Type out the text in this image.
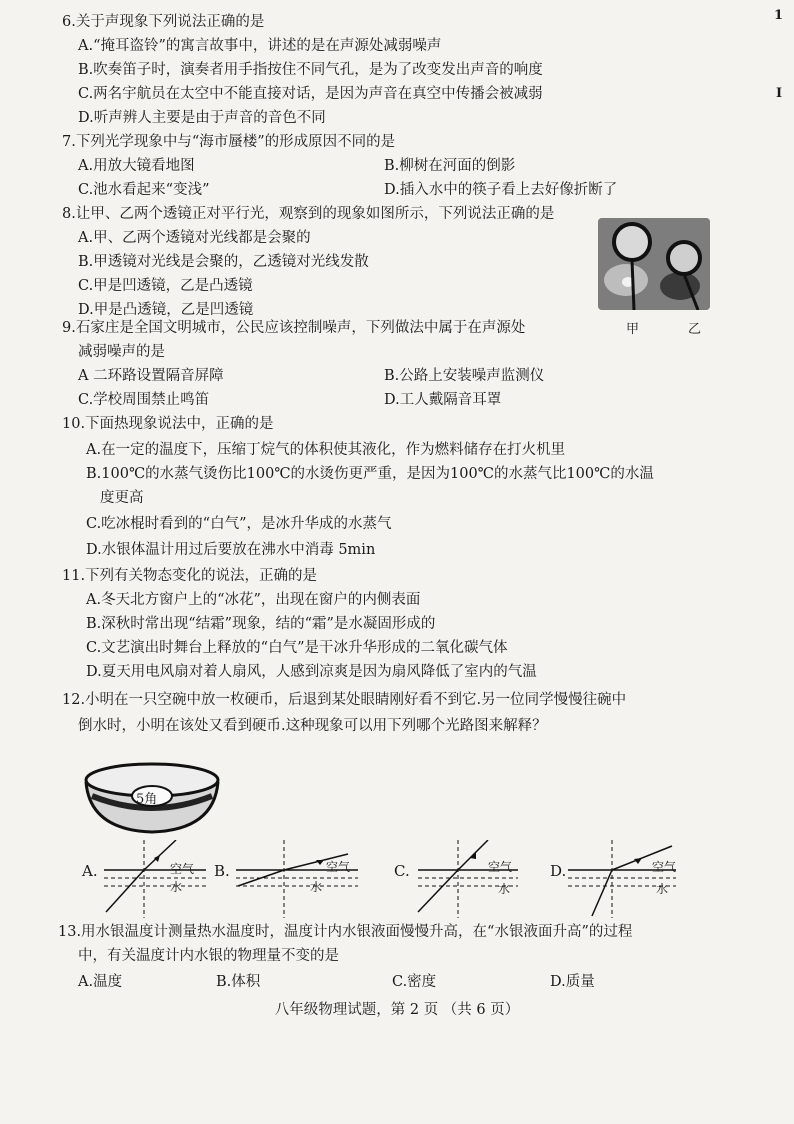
1
I
6.关于声现象下列说法正确的是
A.“掩耳盗铃”的寓言故事中，讲述的是在声源处减弱噪声
B.吹奏笛子时，演奏者用手指按住不同气孔，是为了改变发出声音的响度
C.两名宇航员在太空中不能直接对话，是因为声音在真空中传播会被减弱
D.听声辨人主要是由于声音的音色不同
7.下列光学现象中与“海市蜃楼”的形成原因不同的是
A.用放大镜看地图	B.柳树在河面的倒影
C.池水看起来“变浅”	D.插入水中的筷子看上去好像折断了
8.让甲、乙两个透镜正对平行光，观察到的现象如图所示，下列说法正确的是
A.甲、乙两个透镜对光线都是会聚的
B.甲透镜对光线是会聚的，乙透镜对光线发散
C.甲是凹透镜，乙是凸透镜
D.甲是凸透镜，乙是凹透镜
甲	乙
9.石家庄是全国文明城市，公民应该控制噪声，下列做法中属于在声源处
减弱噪声的是
A 二环路设置隔音屏障	B.公路上安装噪声监测仪
C.学校周围禁止鸣笛	D.工人戴隔音耳罩
10.下面热现象说法中，正确的是
A.在一定的温度下，压缩丁烷气的体积使其液化，作为燃料储存在打火机里
B.100℃的水蒸气烫伤比100℃的水烫伤更严重，是因为100℃的水蒸气比100℃的水温
度更高
C.吃冰棍时看到的“白气”，是冰升华成的水蒸气
D.水银体温计用过后要放在沸水中消毒 5min
11.下列有关物态变化的说法，正确的是
A.冬天北方窗户上的“冰花”，出现在窗户的内侧表面
B.深秋时常出现“结霜”现象，结的“霜”是水凝固形成的
C.文艺演出时舞台上释放的“白气”是干冰升华形成的二氧化碳气体
D.夏天用电风扇对着人扇风，人感到凉爽是因为扇风降低了室内的气温
12.小明在一只空碗中放一枚硬币，后退到某处眼睛刚好看不到它.另一位同学慢慢往碗中
倒水时，小明在该处又看到硬币.这种现象可以用下列哪个光路图来解释？
5角
A.	B.	C.	D.
空气
水
空气
水
空气
水
空气
水
13.用水银温度计测量热水温度时，温度计内水银液面慢慢升高，在“水银液面升高”的过程
中，有关温度计内水银的物理量不变的是
A.温度	B.体积	C.密度	D.质量
八年级物理试题，第 2 页 （共 6 页）
